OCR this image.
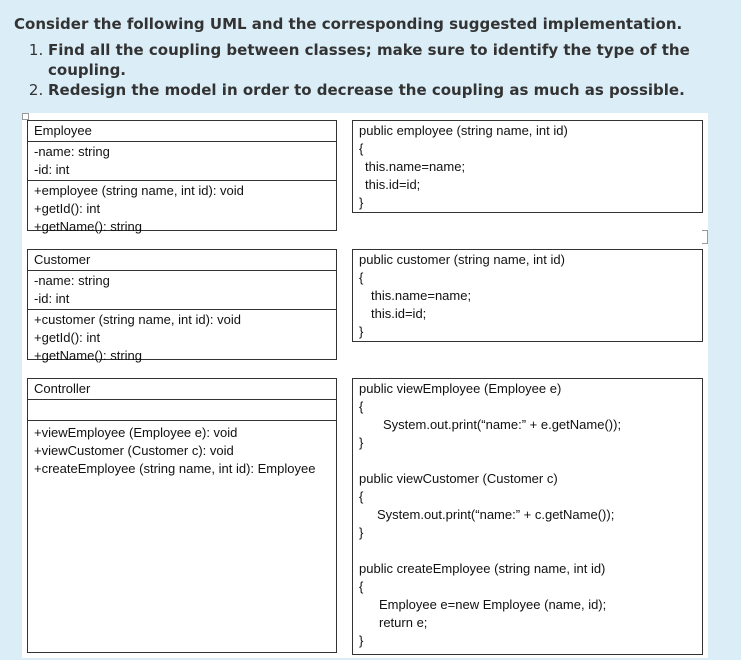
Consider the following UML and the corresponding suggested implementation.

1. Find all the coupling between classes; make sure to identify the type of the coupling.
2. Redesign the model in order to decrease the coupling as much as possible.
Employee
-name: string
-id: int
+employee (string name, int id): void
+getId(): int
+getName(): string
public employee (string name, int id)
{
this.name=name;
this.id=id;
}
Customer
-name: string
-id: int
+customer (string name, int id): void
+getId(): int
+getName(): string
public customer (string name, int id)
{
this.name=name;
this.id=id;
}
Controller
+viewEmployee (Employee e): void
+viewCustomer (Customer c): void
+createEmployee (string name, int id): Employee
public viewEmployee (Employee e)
{
System.out.print(“name:” + e.getName());
}
public viewCustomer (Customer c)
{
System.out.print(“name:” + c.getName());
}
public createEmployee (string name, int id)
{
Employee e=new Employee (name, id);
return e;
}
